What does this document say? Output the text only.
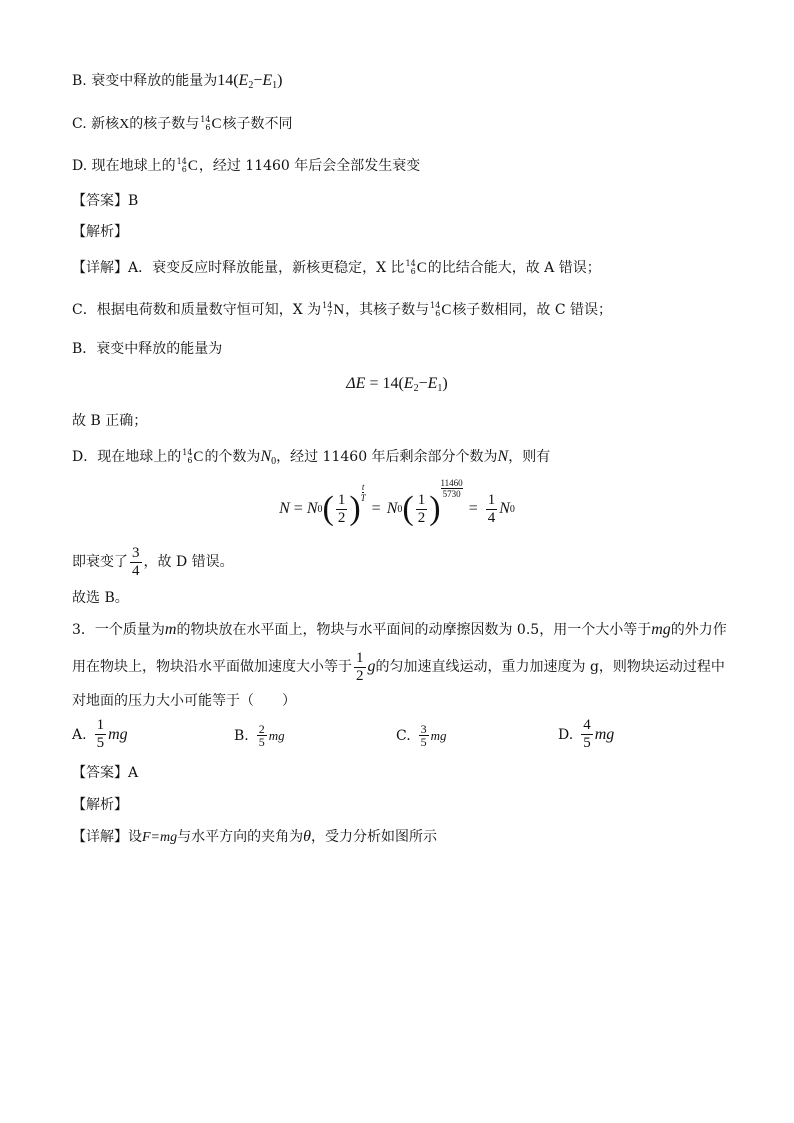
B. 衰变中释放的能量为$14(E_2-E_1)$
C. 新核X的核子数与 14
6 C 核子数不同
D. 现在地球上的 14
6 C ，经过 11460 年后会全部发生衰变
【答案】B
【解析】
【详解】A．衰变反应时释放能量，新核更稳定，X 比 14
6 C 的比结合能大，故 A 错误；
C．根据电荷数和质量数守恒可知，X 为 14
7 N ，其核子数与 14
6 C 核子数相同，故 C 错误；
B．衰变中释放的能量为
$\Delta E = 14(E_2-E_1)$
故 B 正确；
D．现在地球上的 14
6 C 的个数为$N_0$，经过 11460 年后剩余部分个数为N，则有
N = N 0 ( $\frac{1}{2}$ ) $\frac{t}{T}$
= N 0 ( $\frac{1}{2}$ )
$\frac{11460}{5730}$
= $\frac{1}{4}$ N 0
即衰变了 $\frac{3}{4}$ ，故 D 错误。
故选 B。
3．一个质量为m的物块放在水平面上，物块与水平面间的动摩擦因数为 0.5，用一个大小等于mg的外力作
用在物块上，物块沿水平面做加速度大小等于 $\frac{1}{2}$ g 的匀加速直线运动，重力加速度为 g，则物块运动过程中
对地面的压力大小可能等于（　　）
A. $\frac{1}{5}$ mg	B. $\frac{2}{5}$ mg	C. $\frac{3}{5}$ mg	D. $\frac{4}{5}$ mg
【答案】A
【解析】
【详解】设F=mg与水平方向的夹角为θ，受力分析如图所示
